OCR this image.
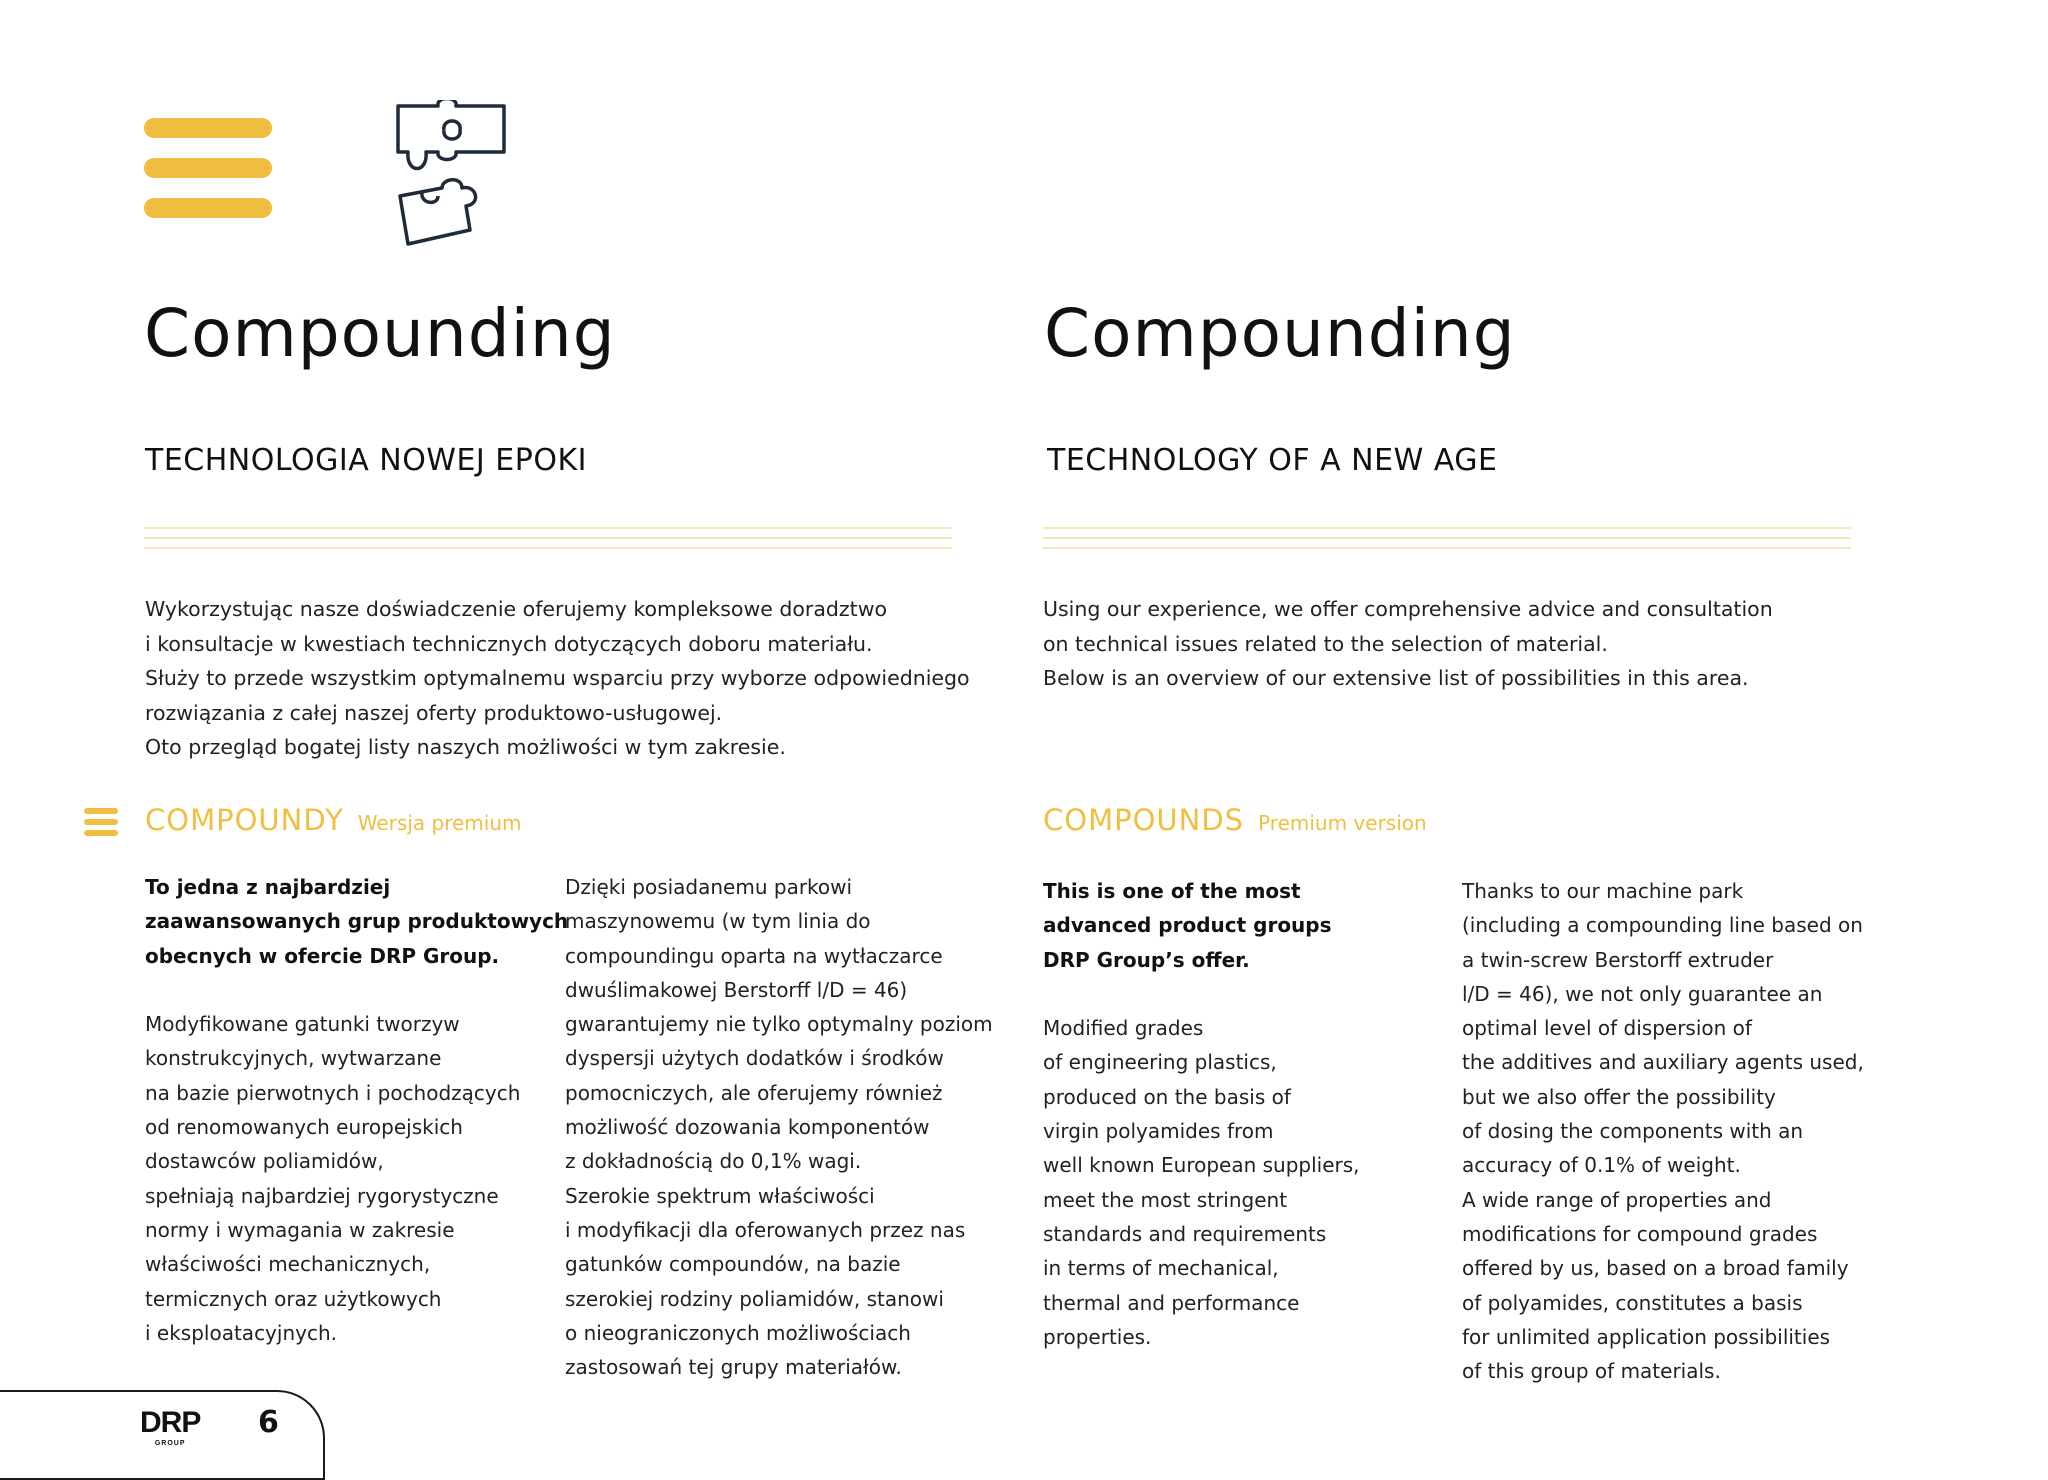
Compounding	Compounding
TECHNOLOGIA NOWEJ EPOKI	TECHNOLOGY OF A NEW AGE

Wykorzystując nasze doświadczenie oferujemy kompleksowe doradztwo

i konsultacje w kwestiach technicznych dotyczących doboru materiału.

Służy to przede wszystkim optymalnemu wsparciu przy wyborze odpowiedniego

rozwiązania z całej naszej oferty produktowo-usługowej.

Oto przegląd bogatej listy naszych możliwości w tym zakresie.

Using our experience, we offer comprehensive advice and consultation

on technical issues related to the selection of material.

Below is an overview of our extensive list of possibilities in this area.

COMPOUNDY Wersja premium	COMPOUNDS Premium version

To jedna z najbardziej

zaawansowanych grup produktowych

obecnych w ofercie DRP Group.

Modyfikowane gatunki tworzyw

konstrukcyjnych, wytwarzane

na bazie pierwotnych i pochodzących

od renomowanych europejskich

dostawców poliamidów,

spełniają najbardziej rygorystyczne

normy i wymagania w zakresie

właściwości mechanicznych,

termicznych oraz użytkowych

i eksploatacyjnych.

Dzięki posiadanemu parkowi

maszynowemu (w tym linia do

compoundingu oparta na wytłaczarce

dwuślimakowej Berstorff l/D = 46)

gwarantujemy nie tylko optymalny poziom

dyspersji użytych dodatków i środków

pomocniczych, ale oferujemy również

możliwość dozowania komponentów

z dokładnością do 0,1% wagi.

Szerokie spektrum właściwości

i modyfikacji dla oferowanych przez nas

gatunków compoundów, na bazie

szerokiej rodziny poliamidów, stanowi

o nieograniczonych możliwościach

zastosowań tej grupy materiałów.

This is one of the most

advanced product groups

DRP Group’s offer.

Modified grades

of engineering plastics,

produced on the basis of

virgin polyamides from

well known European suppliers,

meet the most stringent

standards and requirements

in terms of mechanical,

thermal and performance

properties.

Thanks to our machine park

(including a compounding line based on

a twin-screw Berstorff extruder

l/D = 46), we not only guarantee an

optimal level of dispersion of

the additives and auxiliary agents used,

but we also offer the possibility

of dosing the components with an

accuracy of 0.1% of weight.

A wide range of properties and

modifications for compound grades

offered by us, based on a broad family

of polyamides, constitutes a basis

for unlimited application possibilities

of this group of materials.

DRP
GROUP
6
